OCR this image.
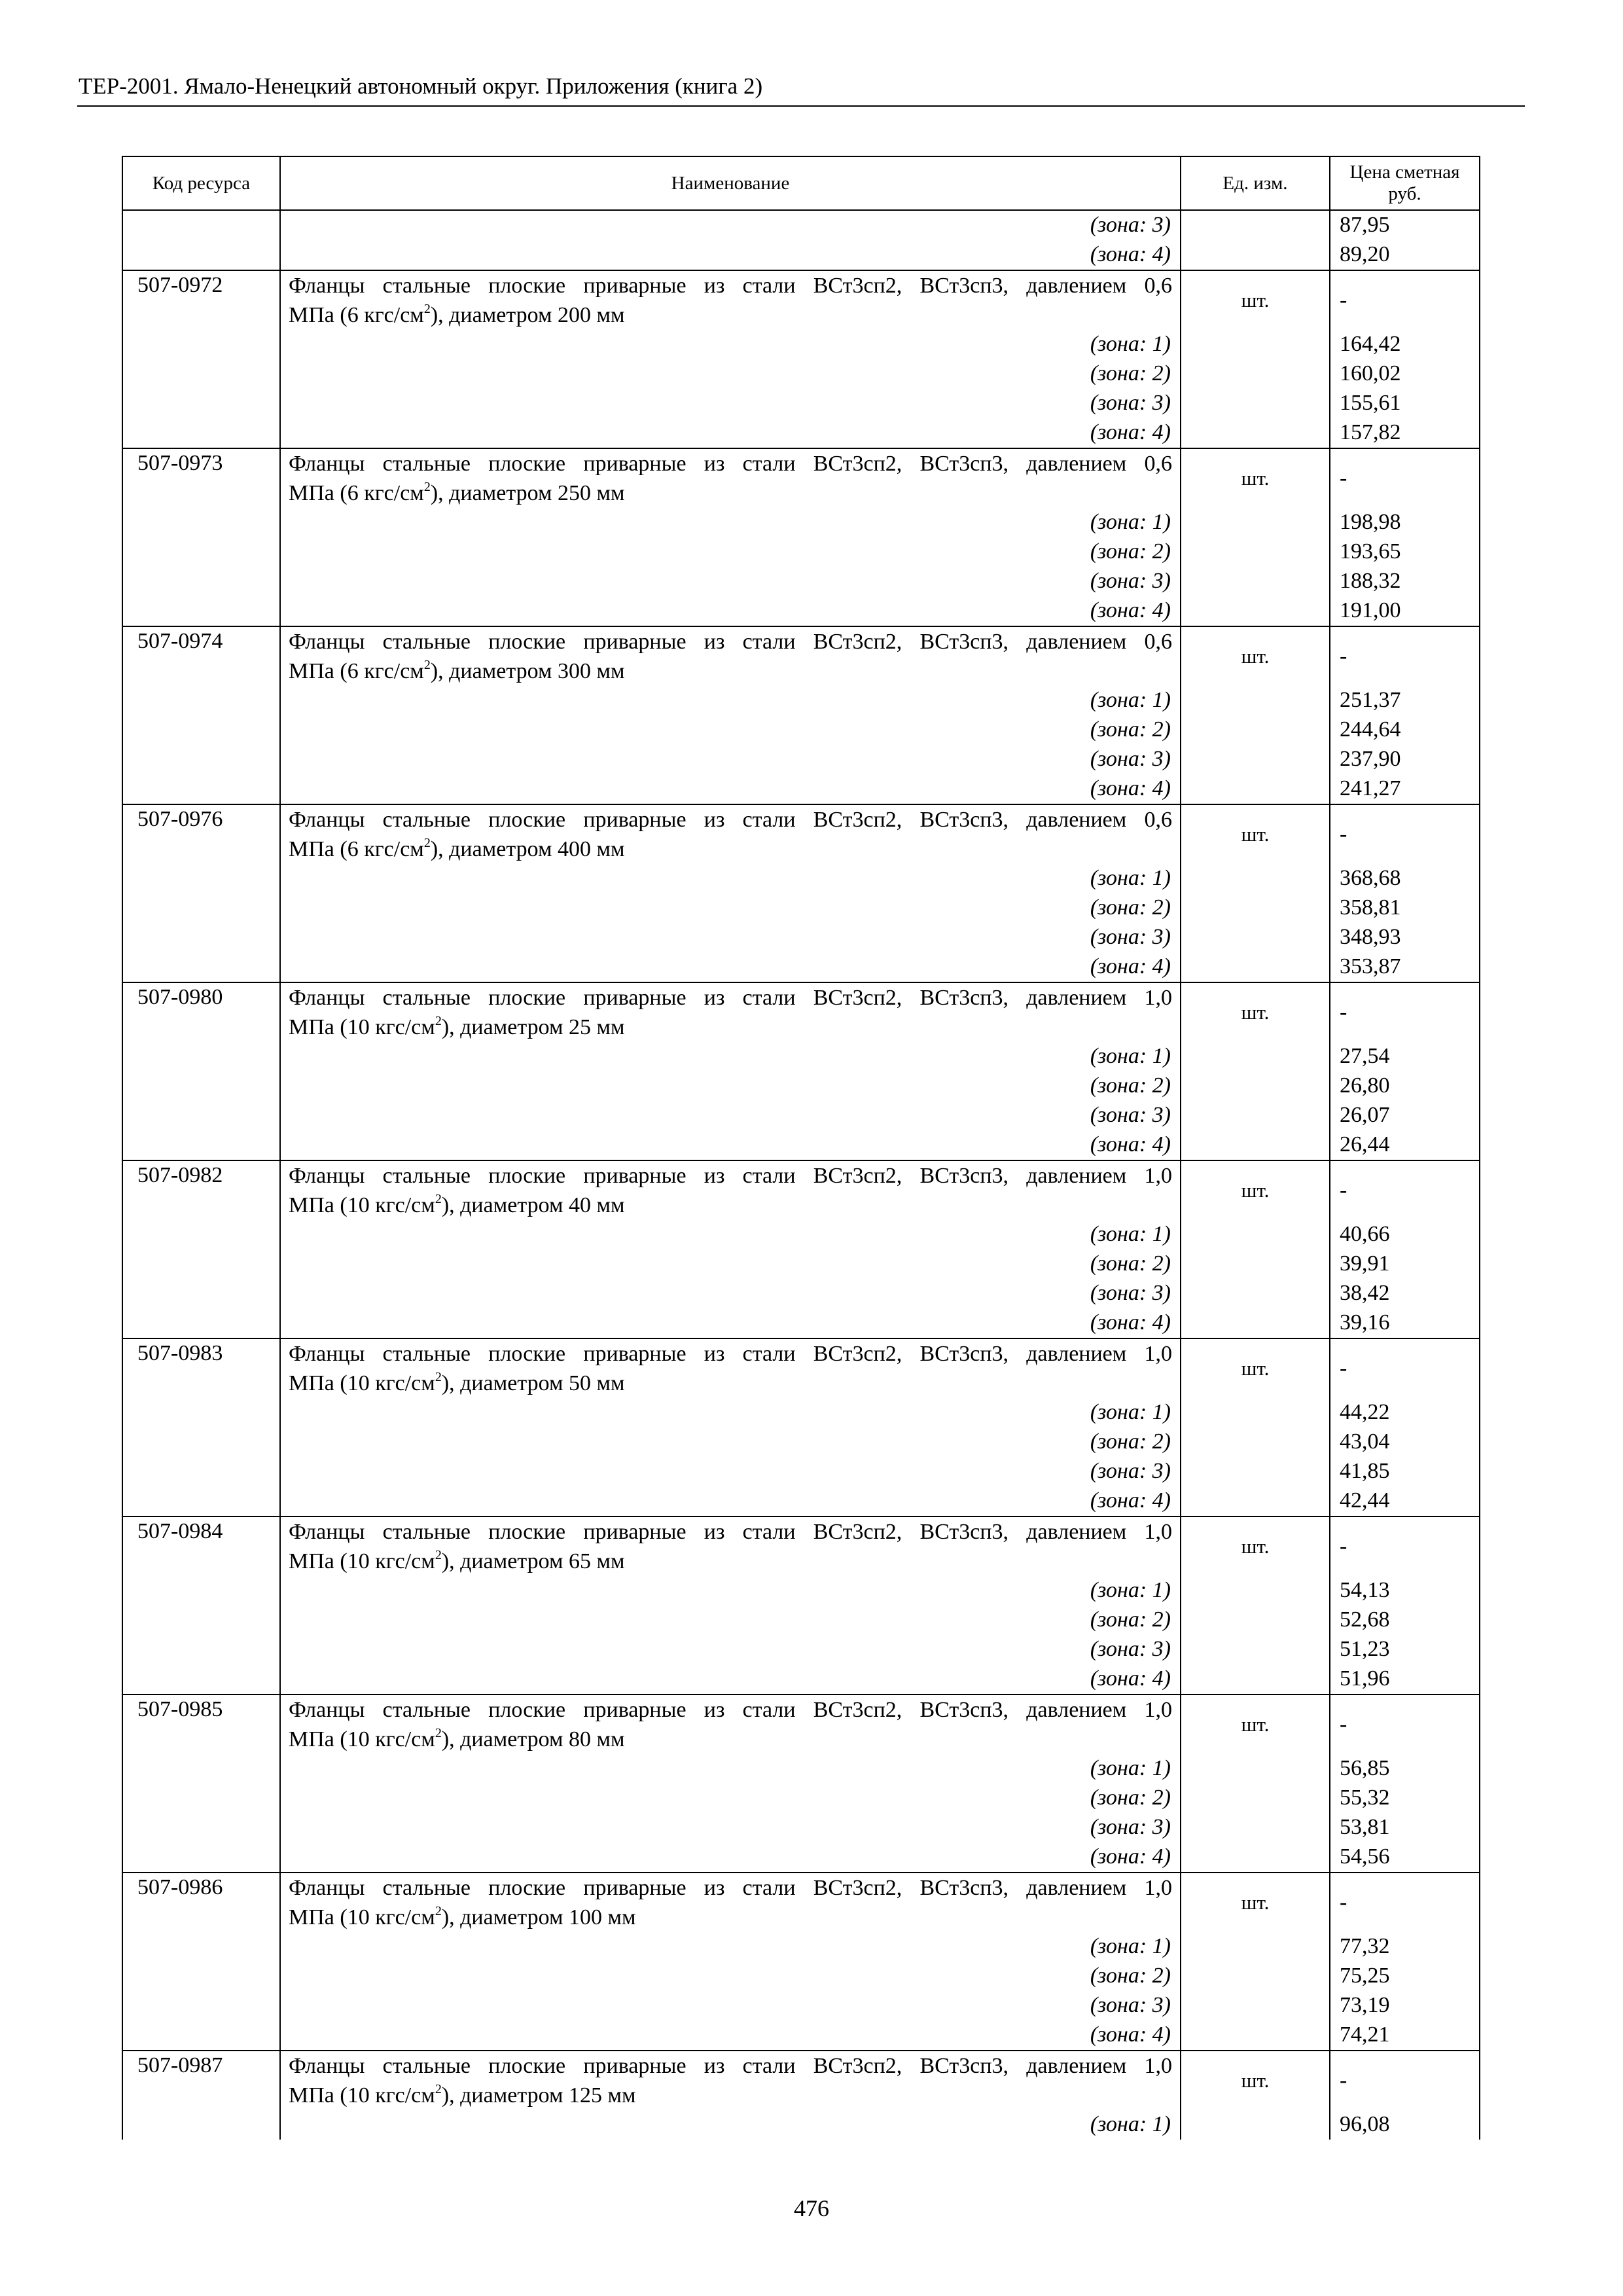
ТЕР-2001. Ямало-Ненецкий автономный округ. Приложения (книга 2)
Код ресурса	Наименование	Ед. изм.	Цена сметная руб.
	(зона: 3)		87,95
	(зона: 4)		89,20
507-0972	Фланцы стальные плоские приварные из стали ВСт3сп2, ВСт3сп3, давлением 0,6
МПа (6 кгс/$см^2$), диаметром 200 мм	шт.	-

	(зона: 1)		164,42
	(зона: 2)		160,02
	(зона: 3)		155,61
	(зона: 4)		157,82
507-0973	Фланцы стальные плоские приварные из стали ВСт3сп2, ВСт3сп3, давлением 0,6
МПа (6 кгс/$см^2$), диаметром 250 мм	шт.	-

	(зона: 1)		198,98
	(зона: 2)		193,65
	(зона: 3)		188,32
	(зона: 4)		191,00
507-0974	Фланцы стальные плоские приварные из стали ВСт3сп2, ВСт3сп3, давлением 0,6
МПа (6 кгс/$см^2$), диаметром 300 мм	шт.	-

	(зона: 1)		251,37
	(зона: 2)		244,64
	(зона: 3)		237,90
	(зона: 4)		241,27
507-0976	Фланцы стальные плоские приварные из стали ВСт3сп2, ВСт3сп3, давлением 0,6
МПа (6 кгс/$см^2$), диаметром 400 мм	шт.	-

	(зона: 1)		368,68
	(зона: 2)		358,81
	(зона: 3)		348,93
	(зона: 4)		353,87
507-0980	Фланцы стальные плоские приварные из стали ВСт3сп2, ВСт3сп3, давлением 1,0
МПа (10 кгс/$см^2$), диаметром 25 мм	шт.	-

	(зона: 1)		27,54
	(зона: 2)		26,80
	(зона: 3)		26,07
	(зона: 4)		26,44
507-0982	Фланцы стальные плоские приварные из стали ВСт3сп2, ВСт3сп3, давлением 1,0
МПа (10 кгс/$см^2$), диаметром 40 мм	шт.	-

	(зона: 1)		40,66
	(зона: 2)		39,91
	(зона: 3)		38,42
	(зона: 4)		39,16
507-0983	Фланцы стальные плоские приварные из стали ВСт3сп2, ВСт3сп3, давлением 1,0
МПа (10 кгс/$см^2$), диаметром 50 мм	шт.	-

	(зона: 1)		44,22
	(зона: 2)		43,04
	(зона: 3)		41,85
	(зона: 4)		42,44
507-0984	Фланцы стальные плоские приварные из стали ВСт3сп2, ВСт3сп3, давлением 1,0
МПа (10 кгс/$см^2$), диаметром 65 мм	шт.	-

	(зона: 1)		54,13
	(зона: 2)		52,68
	(зона: 3)		51,23
	(зона: 4)		51,96
507-0985	Фланцы стальные плоские приварные из стали ВСт3сп2, ВСт3сп3, давлением 1,0
МПа (10 кгс/$см^2$), диаметром 80 мм	шт.	-

	(зона: 1)		56,85
	(зона: 2)		55,32
	(зона: 3)		53,81
	(зона: 4)		54,56
507-0986	Фланцы стальные плоские приварные из стали ВСт3сп2, ВСт3сп3, давлением 1,0
МПа (10 кгс/$см^2$), диаметром 100 мм	шт.	-

	(зона: 1)		77,32
	(зона: 2)		75,25
	(зона: 3)		73,19
	(зона: 4)		74,21
507-0987	Фланцы стальные плоские приварные из стали ВСт3сп2, ВСт3сп3, давлением 1,0
МПа (10 кгс/$см^2$), диаметром 125 мм	шт.	-

	(зона: 1)		96,08
476
